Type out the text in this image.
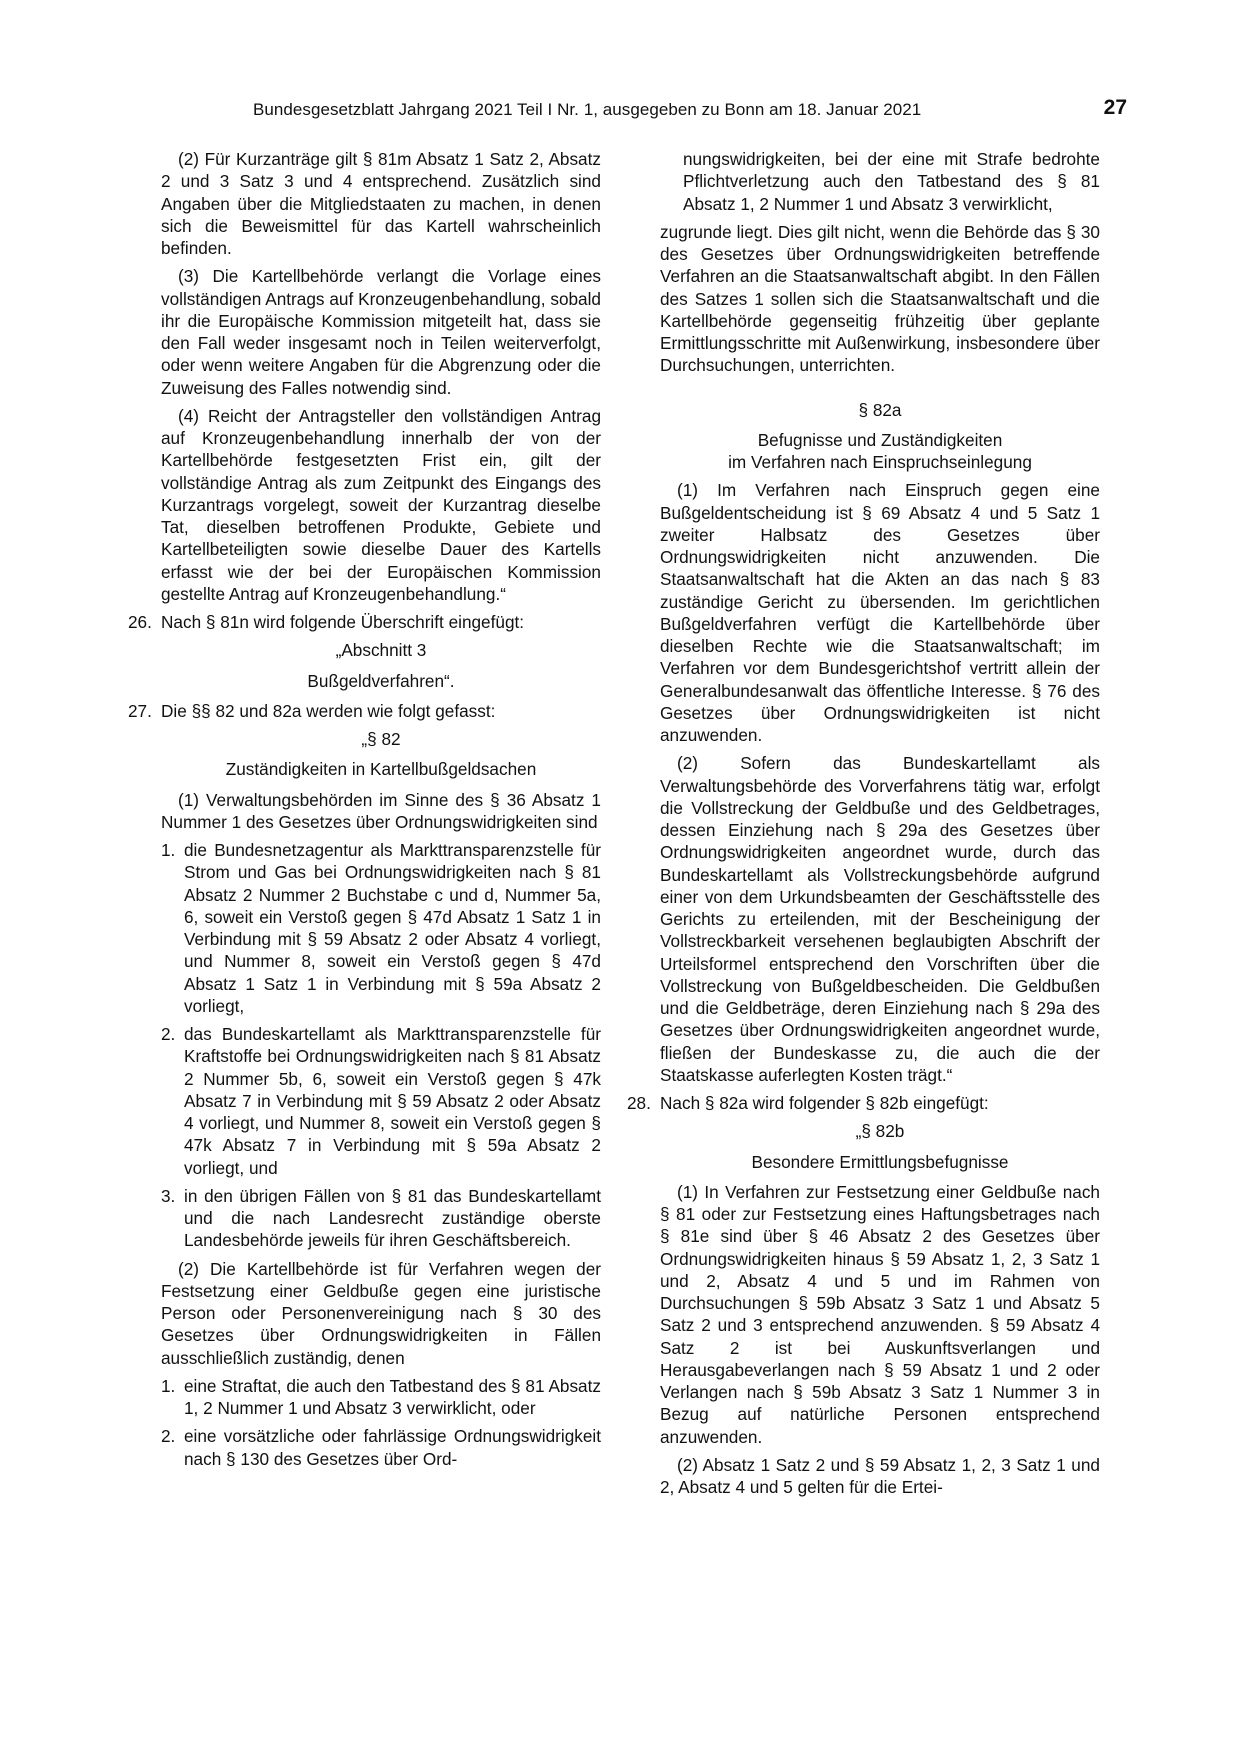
Bundesgesetzblatt Jahrgang 2021 Teil I Nr. 1, ausgegeben zu Bonn am 18. Januar 2021	27

(2) Für Kurzanträge gilt § 81m Absatz 1 Satz 2, Absatz 2 und 3 Satz 3 und 4 entsprechend. Zusätzlich sind Angaben über die Mitgliedstaaten zu machen, in denen sich die Beweismittel für das Kartell wahrscheinlich befinden.

(3) Die Kartellbehörde verlangt die Vorlage eines vollständigen Antrags auf Kronzeugenbehandlung, sobald ihr die Europäische Kommission mitgeteilt hat, dass sie den Fall weder insgesamt noch in Teilen weiterverfolgt, oder wenn weitere Angaben für die Abgrenzung oder die Zuweisung des Falles notwendig sind.

(4) Reicht der Antragsteller den vollständigen Antrag auf Kronzeugenbehandlung innerhalb der von der Kartellbehörde festgesetzten Frist ein, gilt der vollständige Antrag als zum Zeitpunkt des Eingangs des Kurzantrags vorgelegt, soweit der Kurzantrag dieselbe Tat, dieselben betroffenen Produkte, Gebiete und Kartellbeteiligten sowie dieselbe Dauer des Kartells erfasst wie der bei der Europäischen Kommission gestellte Antrag auf Kronzeugenbehandlung.“

26. Nach § 81n wird folgende Überschrift eingefügt:

„Abschnitt 3

Bußgeldverfahren“.

27. Die §§ 82 und 82a werden wie folgt gefasst:

„§ 82

Zuständigkeiten in Kartellbußgeldsachen

(1) Verwaltungsbehörden im Sinne des § 36 Absatz 1 Nummer 1 des Gesetzes über Ordnungswidrigkeiten sind

1. die Bundesnetzagentur als Markttransparenzstelle für Strom und Gas bei Ordnungswidrigkeiten nach § 81 Absatz 2 Nummer 2 Buchstabe c und d, Nummer 5a, 6, soweit ein Verstoß gegen § 47d Absatz 1 Satz 1 in Verbindung mit § 59 Absatz 2 oder Absatz 4 vorliegt, und Nummer 8, soweit ein Verstoß gegen § 47d Absatz 1 Satz 1 in Verbindung mit § 59a Absatz 2 vorliegt,

2. das Bundeskartellamt als Markttransparenzstelle für Kraftstoffe bei Ordnungswidrigkeiten nach § 81 Absatz 2 Nummer 5b, 6, soweit ein Verstoß gegen § 47k Absatz 7 in Verbindung mit § 59 Absatz 2 oder Absatz 4 vorliegt, und Nummer 8, soweit ein Verstoß gegen § 47k Absatz 7 in Verbindung mit § 59a Absatz 2 vorliegt, und

3. in den übrigen Fällen von § 81 das Bundeskartellamt und die nach Landesrecht zuständige oberste Landesbehörde jeweils für ihren Geschäftsbereich.

(2) Die Kartellbehörde ist für Verfahren wegen der Festsetzung einer Geldbuße gegen eine juristische Person oder Personenvereinigung nach § 30 des Gesetzes über Ordnungswidrigkeiten in Fällen ausschließlich zuständig, denen

1. eine Straftat, die auch den Tatbestand des § 81 Absatz 1, 2 Nummer 1 und Absatz 3 verwirklicht, oder

2. eine vorsätzliche oder fahrlässige Ordnungswidrigkeit nach § 130 des Gesetzes über Ord-

nungswidrigkeiten, bei der eine mit Strafe bedrohte Pflichtverletzung auch den Tatbestand des § 81 Absatz 1, 2 Nummer 1 und Absatz 3 verwirklicht,

zugrunde liegt. Dies gilt nicht, wenn die Behörde das § 30 des Gesetzes über Ordnungswidrigkeiten betreffende Verfahren an die Staatsanwaltschaft abgibt. In den Fällen des Satzes 1 sollen sich die Staatsanwaltschaft und die Kartellbehörde gegenseitig frühzeitig über geplante Ermittlungsschritte mit Außenwirkung, insbesondere über Durchsuchungen, unterrichten.

§ 82a

Befugnisse und Zuständigkeiten
im Verfahren nach Einspruchseinlegung

(1) Im Verfahren nach Einspruch gegen eine Bußgeldentscheidung ist § 69 Absatz 4 und 5 Satz 1 zweiter Halbsatz des Gesetzes über Ordnungswidrigkeiten nicht anzuwenden. Die Staatsanwaltschaft hat die Akten an das nach § 83 zuständige Gericht zu übersenden. Im gerichtlichen Bußgeldverfahren verfügt die Kartellbehörde über dieselben Rechte wie die Staatsanwaltschaft; im Verfahren vor dem Bundesgerichtshof vertritt allein der Generalbundesanwalt das öffentliche Interesse. § 76 des Gesetzes über Ordnungswidrigkeiten ist nicht anzuwenden.

(2) Sofern das Bundeskartellamt als Verwaltungsbehörde des Vorverfahrens tätig war, erfolgt die Vollstreckung der Geldbuße und des Geldbetrages, dessen Einziehung nach § 29a des Gesetzes über Ordnungswidrigkeiten angeordnet wurde, durch das Bundeskartellamt als Vollstreckungsbehörde aufgrund einer von dem Urkundsbeamten der Geschäftsstelle des Gerichts zu erteilenden, mit der Bescheinigung der Vollstreckbarkeit versehenen beglaubigten Abschrift der Urteilsformel entsprechend den Vorschriften über die Vollstreckung von Bußgeldbescheiden. Die Geldbußen und die Geldbeträge, deren Einziehung nach § 29a des Gesetzes über Ordnungswidrigkeiten angeordnet wurde, fließen der Bundeskasse zu, die auch die der Staatskasse auferlegten Kosten trägt.“

28. Nach § 82a wird folgender § 82b eingefügt:

„§ 82b

Besondere Ermittlungsbefugnisse

(1) In Verfahren zur Festsetzung einer Geldbuße nach § 81 oder zur Festsetzung eines Haftungsbetrages nach § 81e sind über § 46 Absatz 2 des Gesetzes über Ordnungswidrigkeiten hinaus § 59 Absatz 1, 2, 3 Satz 1 und 2, Absatz 4 und 5 und im Rahmen von Durchsuchungen § 59b Absatz 3 Satz 1 und Absatz 5 Satz 2 und 3 entsprechend anzuwenden. § 59 Absatz 4 Satz 2 ist bei Auskunftsverlangen und Herausgabeverlangen nach § 59 Absatz 1 und 2 oder Verlangen nach § 59b Absatz 3 Satz 1 Nummer 3 in Bezug auf natürliche Personen entsprechend anzuwenden.

(2) Absatz 1 Satz 2 und § 59 Absatz 1, 2, 3 Satz 1 und 2, Absatz 4 und 5 gelten für die Ertei-
